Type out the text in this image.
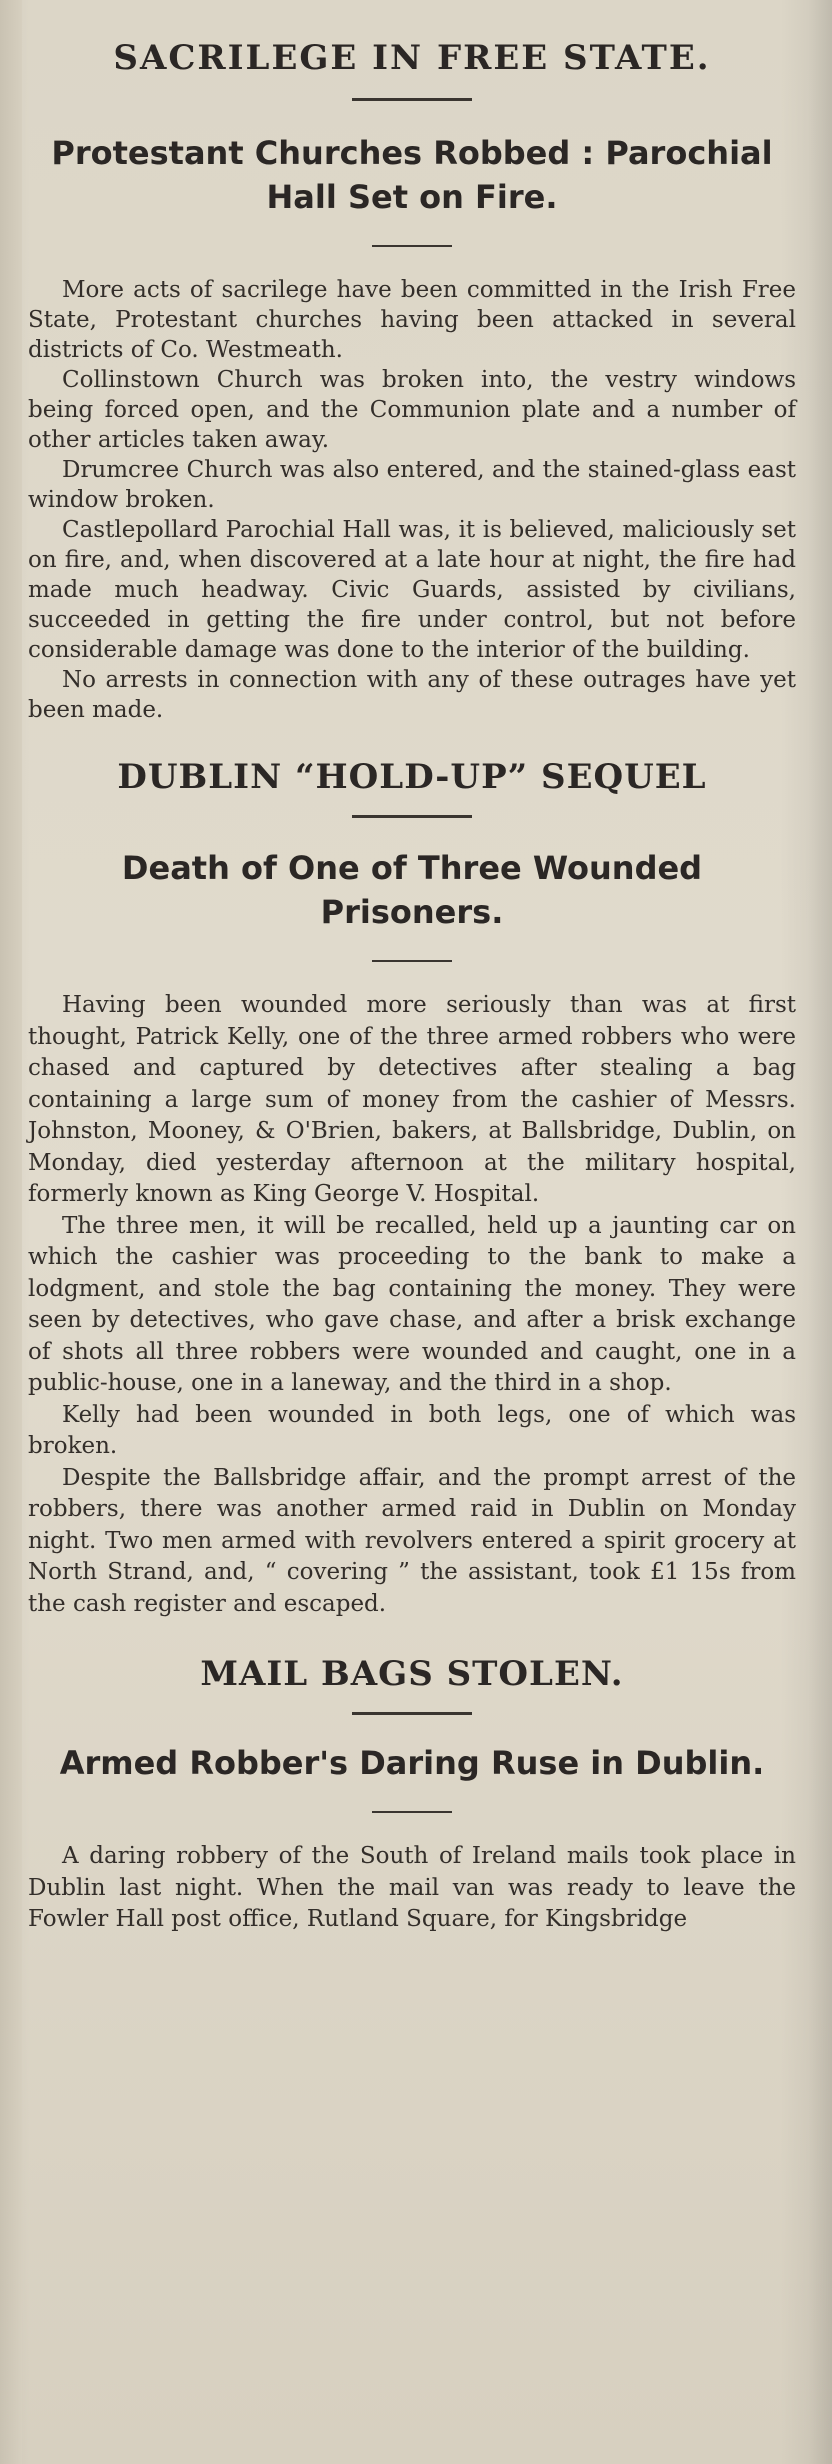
SACRILEGE IN FREE STATE.
Protestant Churches Robbed : Parochial Hall Set on Fire.

More acts of sacrilege have been committed in the Irish Free State, Protestant churches having been attacked in several districts of Co. Westmeath.

Collinstown Church was broken into, the vestry windows being forced open, and the Communion plate and a number of other articles taken away.

Drumcree Church was also entered, and the stained-glass east window broken.

Castlepollard Parochial Hall was, it is believed, maliciously set on fire, and, when discovered at a late hour at night, the fire had made much headway. Civic Guards, assisted by civilians, succeeded in getting the fire under control, but not before considerable damage was done to the interior of the building.

No arrests in connection with any of these outrages have yet been made.

DUBLIN “HOLD-UP” SEQUEL
Death of One of Three Wounded Prisoners.

Having been wounded more seriously than was at first thought, Patrick Kelly, one of the three armed robbers who were chased and captured by detectives after stealing a bag containing a large sum of money from the cashier of Messrs. Johnston, Mooney, & O'Brien, bakers, at Ballsbridge, Dublin, on Monday, died yesterday afternoon at the military hospital, formerly known as King George V. Hospital.

The three men, it will be recalled, held up a jaunting car on which the cashier was proceeding to the bank to make a lodgment, and stole the bag containing the money. They were seen by detectives, who gave chase, and after a brisk exchange of shots all three robbers were wounded and caught, one in a public-house, one in a laneway, and the third in a shop.

Kelly had been wounded in both legs, one of which was broken.

Despite the Ballsbridge affair, and the prompt arrest of the robbers, there was another armed raid in Dublin on Monday night. Two men armed with revolvers entered a spirit grocery at North Strand, and, “ covering ” the assistant, took £1 15s from the cash register and escaped.

MAIL BAGS STOLEN.
Armed Robber's Daring Ruse in Dublin.

A daring robbery of the South of Ireland mails took place in Dublin last night. When the mail van was ready to leave the Fowler Hall post office, Rutland Square, for Kingsbridge
